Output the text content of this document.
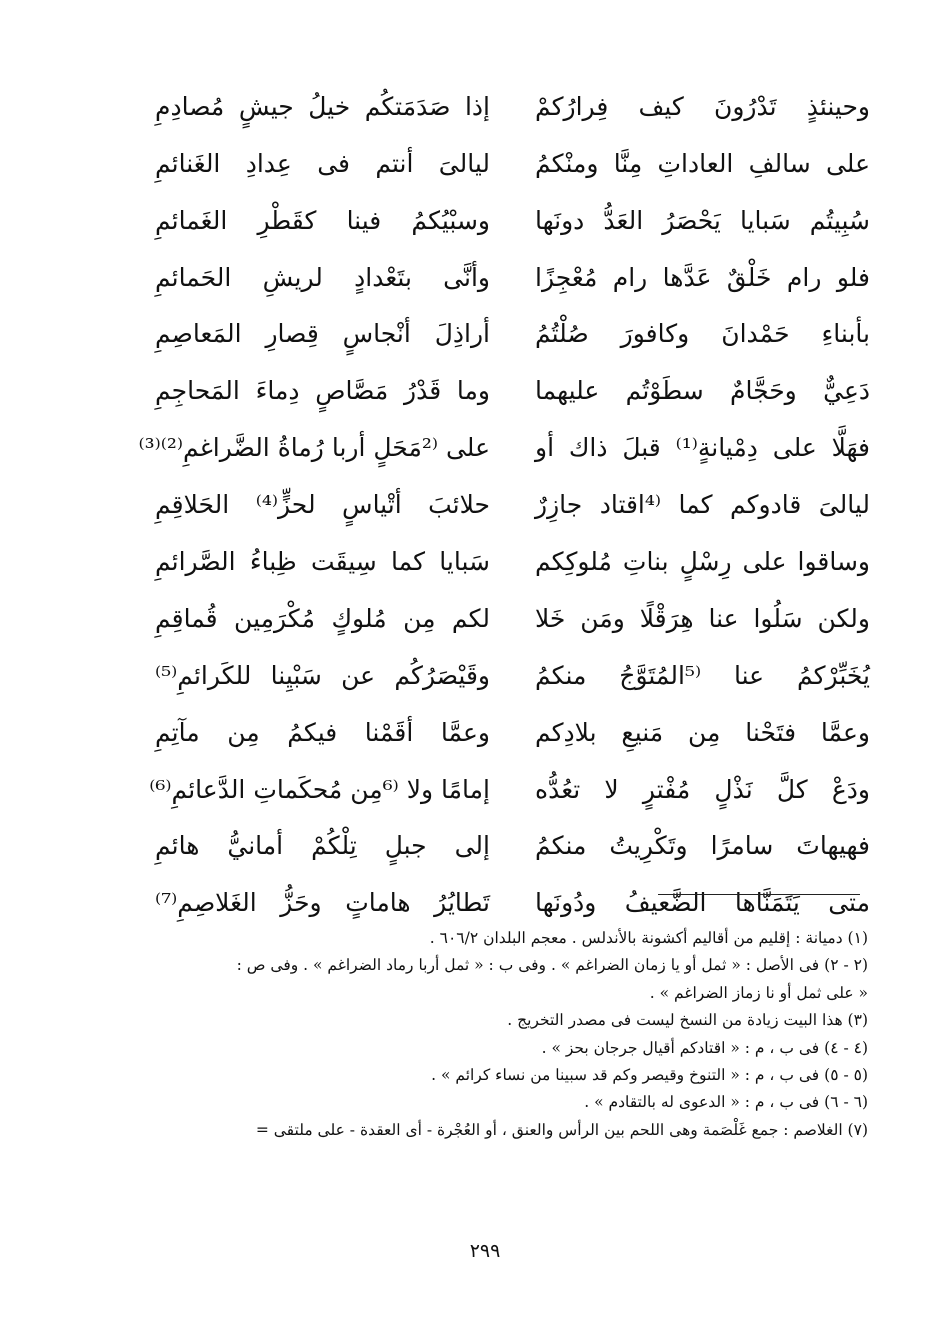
وحينئذٍ تَدْرُونَ كيف فِرارُكمْ
إذا صَدَمَتكُم خيلُ جيشٍ مُصادِمِ
على سالفِ العاداتِ مِنَّا ومنْكمُ
ليالىَ أنتم فى عِدادِ الغَنائمِ
سُبِيتُم سَبايا يَحْصَرُ العَدُّ دونَها
وسبْيُكمُ فينا كقَطْرِ الغَمائمِ
فلو رام خَلْقٌ عَدَّها رام مُعْجِزًا
وأنَّى بتَعْدادٍ لريشِ الحَمائمِ
بأبناءِ حَمْدانَ وكافورَ صُلْتُمُ
أراذِلَ أنْجاسٍ قِصارِ المَعاصِمِ
دَعِيٌّ وحَجَّامٌ سطَوْتُم عليهما
وما قَدْرُ مَصَّاصٍ دِماءَ المَحاجِمِ
فهَلَّا على دِمْيانةٍ⁽¹⁾ قبلَ ذاك أو
على ⁽²مَحَلٍ أربا رُماةُ الضَّراغمِ⁽²⁾⁽³⁾
ليالىَ قادوكم كما ⁽⁴اقتاد جازِرٌ
حلائبَ أتْياسٍ لحزٍّ⁽⁴⁾ الحَلاقِمِ
وساقوا على رِسْلٍ بناتِ مُلوكِكم
سَبايا كما سِيقَت ظِباءُ الصَّرائمِ
ولكن سَلُوا عنا هِرَقْلًا ومَن خَلا
لكم مِن مُلوكٍ مُكْرَمِين قُماقِمِ
يُخَبِّرْكمُ عنا ⁽⁵المُتَوَّجُ منكمُ
وقَيْصَرُكُم عن سَبْيِنا للكَرائمِ⁽⁵⁾
وعمَّا فتَحْنا مِن مَنيعِ بلادِكم
وعمَّا أقَمْنا فيكمُ مِن مآتِمِ
ودَعْ كلَّ نَذْلٍ مُفْترٍ لا تعُدُّه
إمامًا ولا ⁽⁶مِن مُحكَماتِ الدَّعائمِ⁽⁶⁾
فهيهاتَ سامرًا وتَكْرِيتُ منكمُ
إلى جبلٍ تِلْكُمْ أمانيُّ هائمِ
متى يَتَمَنَّاها الضَّعيفُ ودُونَها
تَطايُرُ هاماتٍ وحَزُّ الغَلاصِمِ⁽⁷⁾
(١) دميانة : إقليم من أقاليم أكشونة بالأندلس . معجم البلدان ٦٠٦/٢ .
(٢ - ٢) فى الأصل : « ثمل أو يا زمان الضراغم » . وفى ب : « ثمل أربا رماد الضراغم » . وفى ص :
« على ثمل أو نا زماز الضراغم » .
(٣) هذا البيت زيادة من النسخ ليست فى مصدر التخريج .
(٤ - ٤) فى ب ، م : « اقتادكم أقيال جرجان بحز » .
(٥ - ٥) فى ب ، م : « التنوخ وقيصر وكم قد سبينا من نساء كرائم » .
(٦ - ٦) فى ب ، م : « الدعوى له بالتقادم » .
(٧) الغلاصم : جمع غَلْصَمة وهى اللحم بين الرأس والعنق ، أو العُجْرة - أى العقدة - على ملتقى =
٢٩٩
